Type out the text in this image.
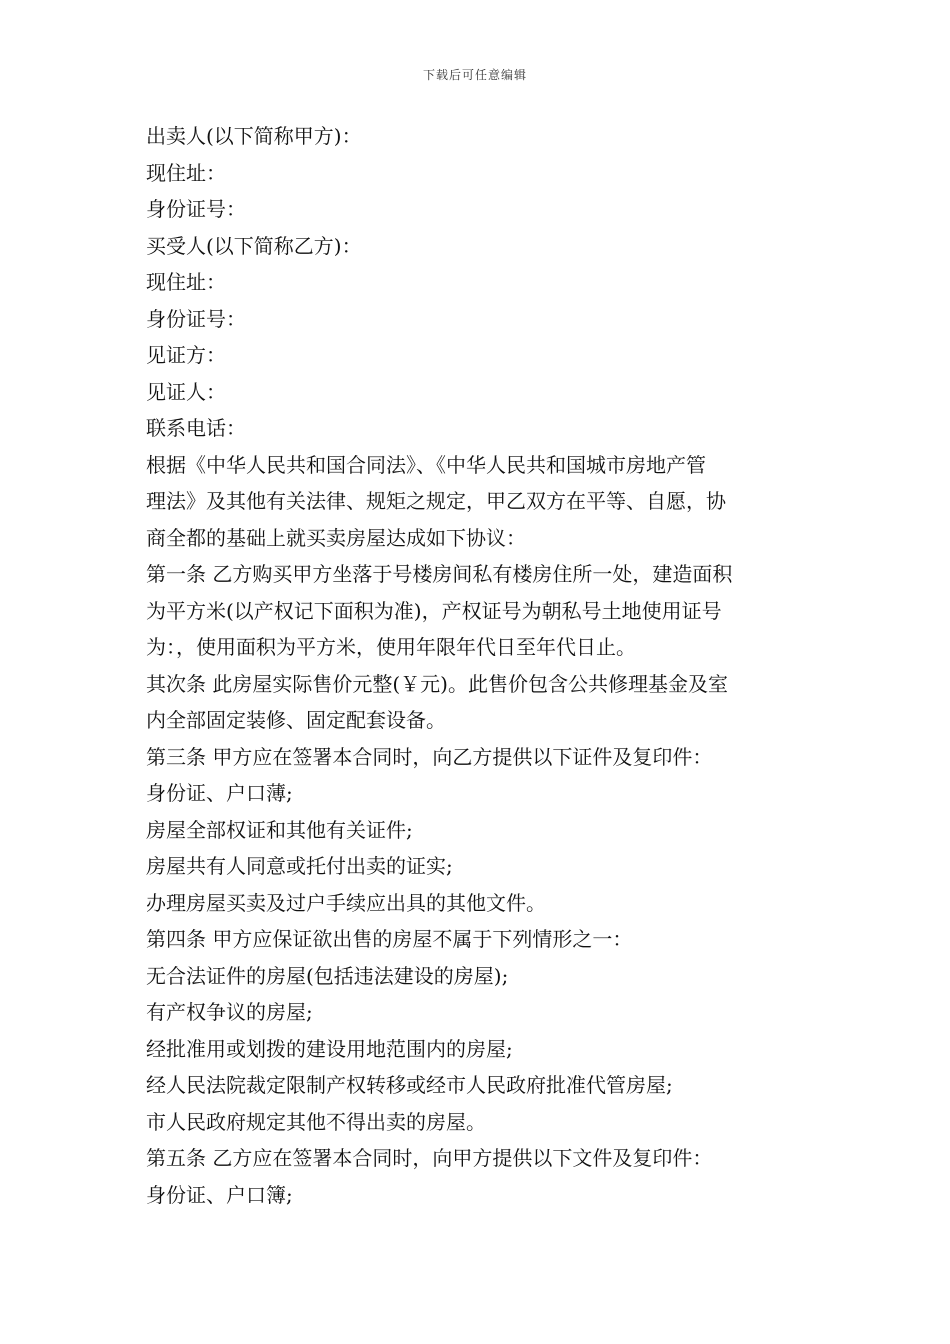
下载后可任意编辑

出卖人(以下简称甲方)：

现住址：

身份证号：

买受人(以下简称乙方)：

现住址：

身份证号：

见证方：

见证人：

联系电话：

根据《中华人民共和国合同法》、《中华人民共和国城市房地产管

理法》及其他有关法律、规矩之规定，甲乙双方在平等、自愿，协

商全都的基础上就买卖房屋达成如下协议：

第一条 乙方购买甲方坐落于号楼房间私有楼房住所一处，建造面积

为平方米(以产权记下面积为准)，产权证号为朝私号土地使用证号

为：，使用面积为平方米，使用年限年代日至年代日止。

其次条 此房屋实际售价元整(￥元)。此售价包含公共修理基金及室

内全部固定装修、固定配套设备。

第三条 甲方应在签署本合同时，向乙方提供以下证件及复印件：

身份证、户口薄;

房屋全部权证和其他有关证件;

房屋共有人同意或托付出卖的证实;

办理房屋买卖及过户手续应出具的其他文件。

第四条 甲方应保证欲出售的房屋不属于下列情形之一：

无合法证件的房屋(包括违法建设的房屋);

有产权争议的房屋;

经批准用或划拨的建设用地范围内的房屋;

经人民法院裁定限制产权转移或经市人民政府批准代管房屋;

市人民政府规定其他不得出卖的房屋。

第五条 乙方应在签署本合同时，向甲方提供以下文件及复印件：

身份证、户口簿;
